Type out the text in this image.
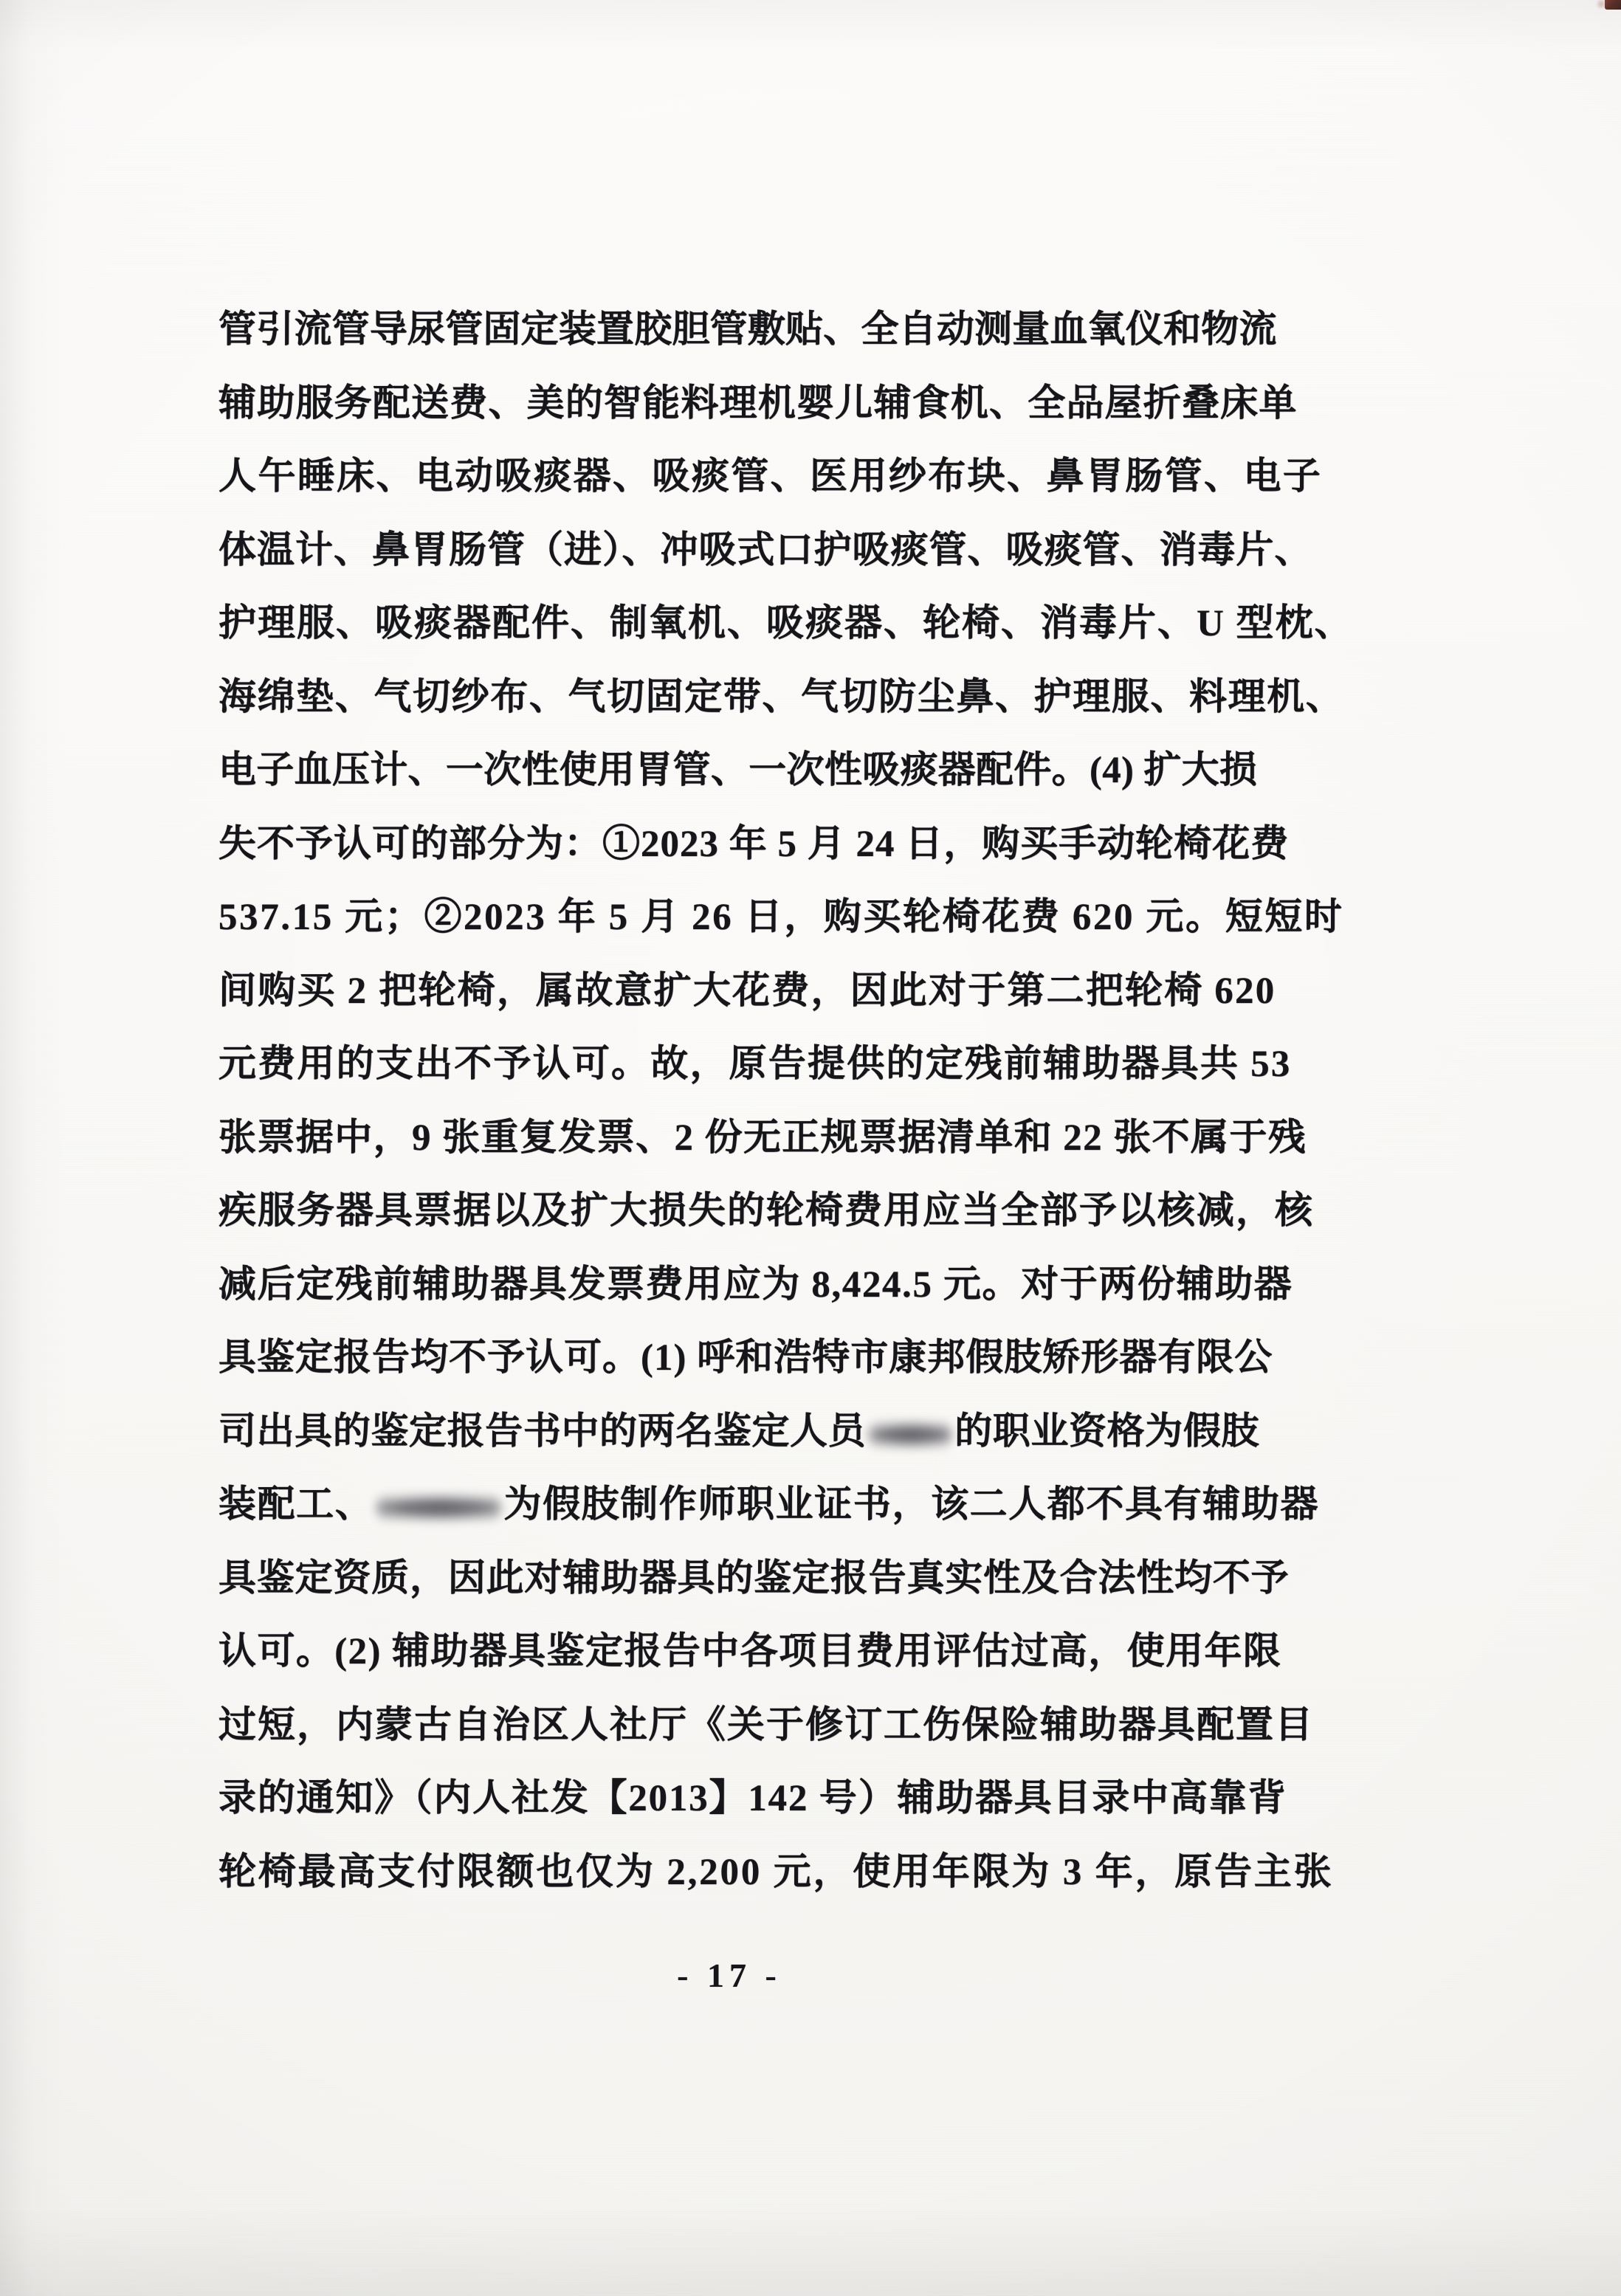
管引流管导尿管固定装置胶胆管敷贴、全自动测量血氧仪和物流
辅助服务配送费、美的智能料理机婴儿辅食机、全品屋折叠床单
人午睡床、电动吸痰器、吸痰管、医用纱布块、鼻胃肠管、电子
体温计、鼻胃肠管（进）、冲吸式口护吸痰管、吸痰管、消毒片、
护理服、吸痰器配件、制氧机、吸痰器、轮椅、消毒片、U 型枕、
海绵垫、气切纱布、气切固定带、气切防尘鼻、护理服、料理机、
电子血压计、一次性使用胃管、一次性吸痰器配件。(4) 扩大损
失不予认可的部分为：①2023 年 5 月 24 日，购买手动轮椅花费
537.15 元；②2023 年 5 月 26 日，购买轮椅花费 620 元。短短时
间购买 2 把轮椅，属故意扩大花费，因此对于第二把轮椅 620
元费用的支出不予认可。故，原告提供的定残前辅助器具共 53
张票据中，9 张重复发票、2 份无正规票据清单和 22 张不属于残
疾服务器具票据以及扩大损失的轮椅费用应当全部予以核减，核
减后定残前辅助器具发票费用应为 8,424.5 元。对于两份辅助器
具鉴定报告均不予认可。(1) 呼和浩特市康邦假肢矫形器有限公
司出具的鉴定报告书中的两名鉴定人员 的职业资格为假肢
装配工、	为假肢制作师职业证书，该二人都不具有辅助器
具鉴定资质，因此对辅助器具的鉴定报告真实性及合法性均不予
认可。(2) 辅助器具鉴定报告中各项目费用评估过高，使用年限
过短，内蒙古自治区人社厅《关于修订工伤保险辅助器具配置目
录的通知》（内人社发【2013】142 号）辅助器具目录中高靠背
轮椅最高支付限额也仅为 2,200 元，使用年限为 3 年，原告主张
- 17 -
